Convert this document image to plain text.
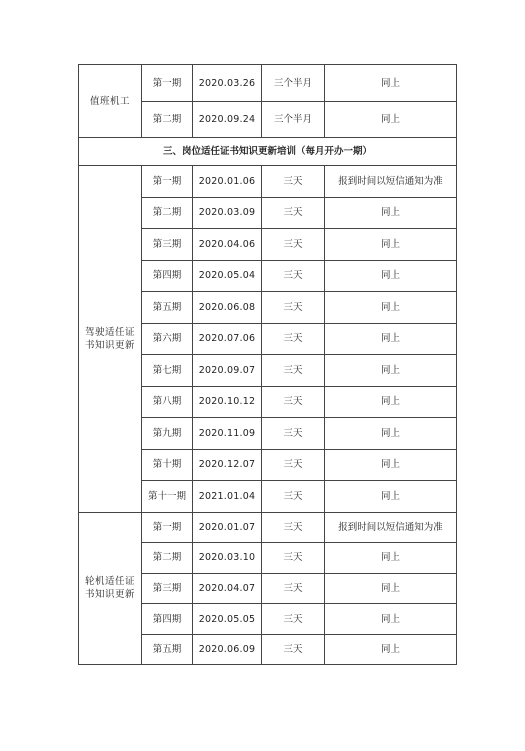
值班机工	第一期	2020.03.26	三个半月	同上
	第二期	2020.09.24	三个半月	同上
三、岗位适任证书知识更新培训（每月开办一期）				
驾驶适任证书知识更新	第一期	2020.01.06	三天	报到时间以短信通知为准
	第二期	2020.03.09	三天	同上
	第三期	2020.04.06	三天	同上
	第四期	2020.05.04	三天	同上
	第五期	2020.06.08	三天	同上
	第六期	2020.07.06	三天	同上
	第七期	2020.09.07	三天	同上
	第八期	2020.10.12	三天	同上
	第九期	2020.11.09	三天	同上
	第十期	2020.12.07	三天	同上
	第十一期	2021.01.04	三天	同上
轮机适任证书知识更新	第一期	2020.01.07	三天	报到时间以短信通知为准
	第二期	2020.03.10	三天	同上
	第三期	2020.04.07	三天	同上
	第四期	2020.05.05	三天	同上
	第五期	2020.06.09	三天	同上
